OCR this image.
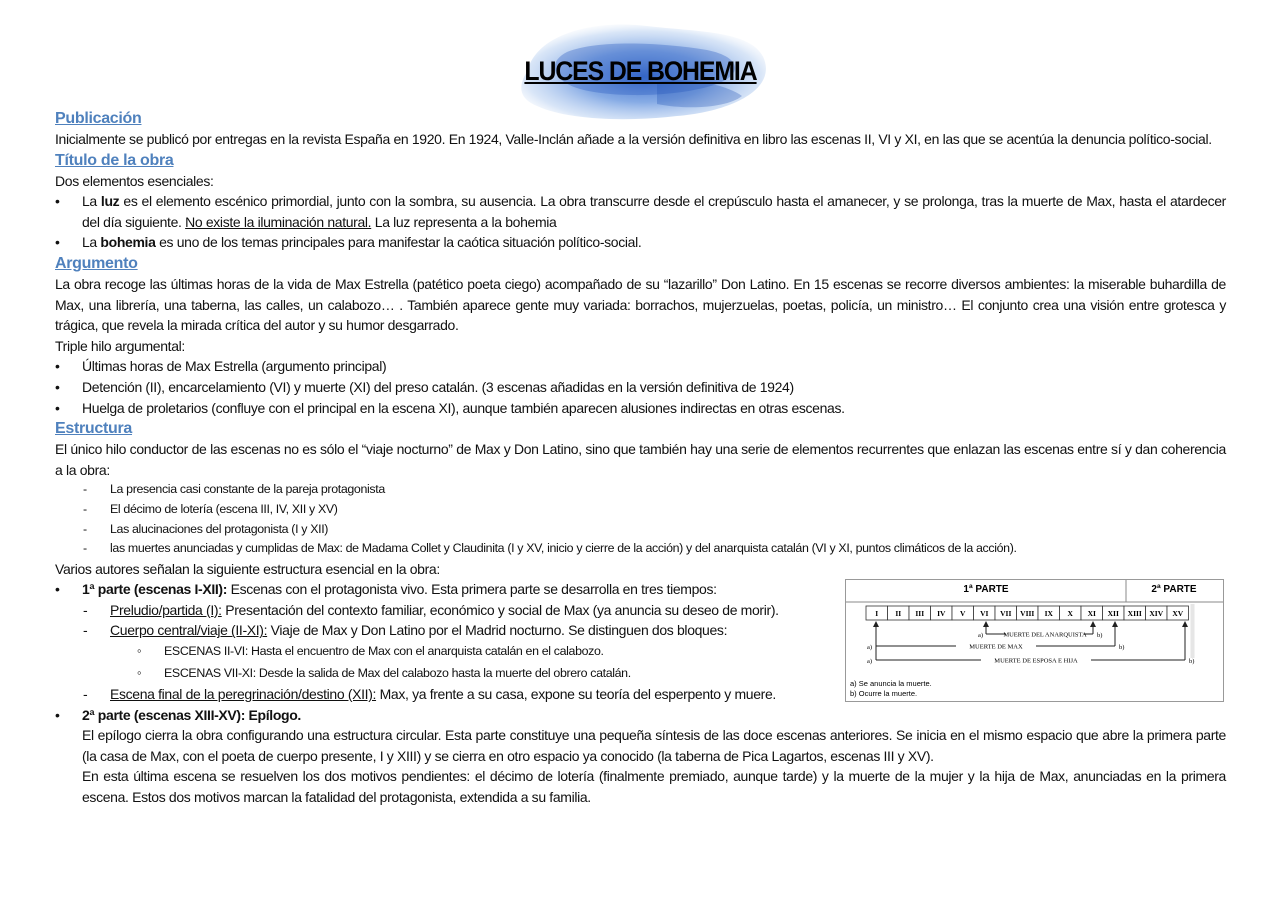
LUCES DE BOHEMIA
Publicación

Inicialmente se publicó por entregas en la revista España en 1920. En 1924, Valle-Inclán añade a la versión definitiva en libro las escenas II, VI y XI, en las que se acentúa la denuncia político-social.

Título de la obra

Dos elementos esenciales:

• La luz es el elemento escénico primordial, junto con la sombra, su ausencia. La obra transcurre desde el crepúsculo hasta el amanecer, y se prolonga, tras la muerte de Max, hasta el atardecer del día siguiente. No existe la iluminación natural. La luz representa a la bohemia
• La bohemia es uno de los temas principales para manifestar la caótica situación político-social.
Argumento

La obra recoge las últimas horas de la vida de Max Estrella (patético poeta ciego) acompañado de su “lazarillo” Don Latino. En 15 escenas se recorre diversos ambientes: la miserable buhardilla de Max, una librería, una taberna, las calles, un calabozo… . También aparece gente muy variada: borrachos, mujerzuelas, poetas, policía, un ministro… El conjunto crea una visión entre grotesca y trágica, que revela la mirada crítica del autor y su humor desgarrado.

Triple hilo argumental:

• Últimas horas de Max Estrella (argumento principal)
• Detención (II), encarcelamiento (VI) y muerte (XI) del preso catalán. (3 escenas añadidas en la versión definitiva de 1924)
• Huelga de proletarios (confluye con el principal en la escena XI), aunque también aparecen alusiones indirectas en otras escenas.
Estructura

El único hilo conductor de las escenas no es sólo el “viaje nocturno” de Max y Don Latino, sino que también hay una serie de elementos recurrentes que enlazan las escenas entre sí y dan coherencia a la obra:

- La presencia casi constante de la pareja protagonista
- El décimo de lotería (escena III, IV, XII y XV)
- Las alucinaciones del protagonista (I y XII)
- las muertes anunciadas y cumplidas de Max: de Madama Collet y Claudinita (I y XV, inicio y cierre de la acción) y del anarquista catalán (VI y XI, puntos climáticos de la acción).

Varios autores señalan la siguiente estructura esencial en la obra:

1ª PARTE	2ª PARTE
I II III IV V VI VII VIII IX X XI XII XIII XIV XV
MUERTE DEL ANARQUISTA
MUERTE DE MAX
MUERTE DE ESPOSA E HIJA
a)	b)
a)	b)
a)	b)
a) Se anuncia la muerte.
b) Ocurre la muerte.
• 1ª parte (escenas I-XII): Escenas con el protagonista vivo. Esta primera parte se desarrolla en tres tiempos:
- Preludio/partida (I): Presentación del contexto familiar, económico y social de Max (ya anuncia su deseo de morir).
- Cuerpo central/viaje (II-XI): Viaje de Max y Don Latino por el Madrid nocturno. Se distinguen dos bloques:
◦ ESCENAS II-VI: Hasta el encuentro de Max con el anarquista catalán en el calabozo.
◦ ESCENAS VII-XI: Desde la salida de Max del calabozo hasta la muerte del obrero catalán.
- Escena final de la peregrinación/destino (XII): Max, ya frente a su casa, expone su teoría del esperpento y muere.
• 2ª parte (escenas XIII-XV): Epílogo.

El epílogo cierra la obra configurando una estructura circular. Esta parte constituye una pequeña síntesis de las doce escenas anteriores. Se inicia en el mismo espacio que abre la primera parte (la casa de Max, con el poeta de cuerpo presente, I y XIII) y se cierra en otro espacio ya conocido (la taberna de Pica Lagartos, escenas III y XV).

En esta última escena se resuelven los dos motivos pendientes: el décimo de lotería (finalmente premiado, aunque tarde) y la muerte de la mujer y la hija de Max, anunciadas en la primera escena. Estos dos motivos marcan la fatalidad del protagonista, extendida a su familia.
